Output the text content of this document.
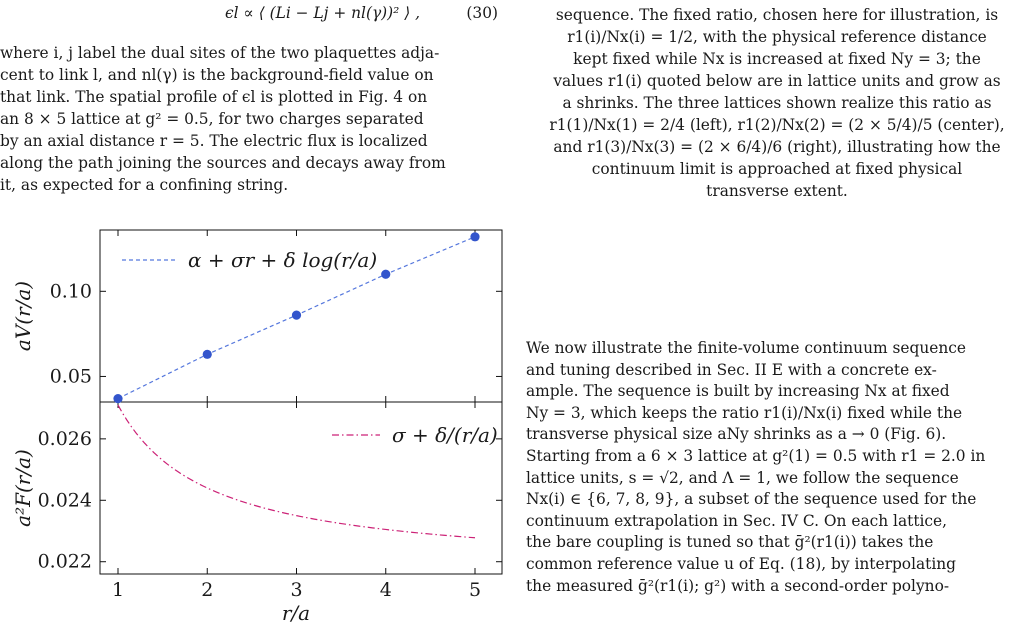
ϵl ∝ ⟨ (Li − Lj + nl(γ))² ⟩ ,	(30)
where i, j label the dual sites of the two plaquettes adja-
cent to link l, and nl(γ) is the background-field value on
that link. The spatial profile of ϵl is plotted in Fig. 4 on
an 8 × 5 lattice at g² = 0.5, for two charges separated
by an axial distance r = 5. The electric flux is localized
along the path joining the sources and decays away from
it, as expected for a confining string.
aV(r/a)
a²F(r/a)
r/a
α + σr + δ log(r/a)
σ + δ/(r/a)
1	2	3	4	5
0.05
0.10
0.022
0.024
0.026
sequence. The fixed ratio, chosen here for illustration, is
r1(i)/Nx(i) = 1/2, with the physical reference distance
kept fixed while Nx is increased at fixed Ny = 3; the
values r1(i) quoted below are in lattice units and grow as
a shrinks. The three lattices shown realize this ratio as
r1(1)/Nx(1) = 2/4 (left), r1(2)/Nx(2) = (2 × 5/4)/5 (center),
and r1(3)/Nx(3) = (2 × 6/4)/6 (right), illustrating how the
continuum limit is approached at fixed physical
transverse extent.
We now illustrate the finite-volume continuum sequence
and tuning described in Sec. II E with a concrete ex-
ample. The sequence is built by increasing Nx at fixed
Ny = 3, which keeps the ratio r1(i)/Nx(i) fixed while the
transverse physical size aNy shrinks as a → 0 (Fig. 6).
Starting from a 6 × 3 lattice at g²(1) = 0.5 with r1 = 2.0 in
lattice units, s = √2, and Λ = 1, we follow the sequence
Nx(i) ∈ {6, 7, 8, 9}, a subset of the sequence used for the
continuum extrapolation in Sec. IV C. On each lattice,
the bare coupling is tuned so that ḡ²(r1(i)) takes the
common reference value u of Eq. (18), by interpolating
the measured ḡ²(r1(i); g²) with a second-order polyno-
